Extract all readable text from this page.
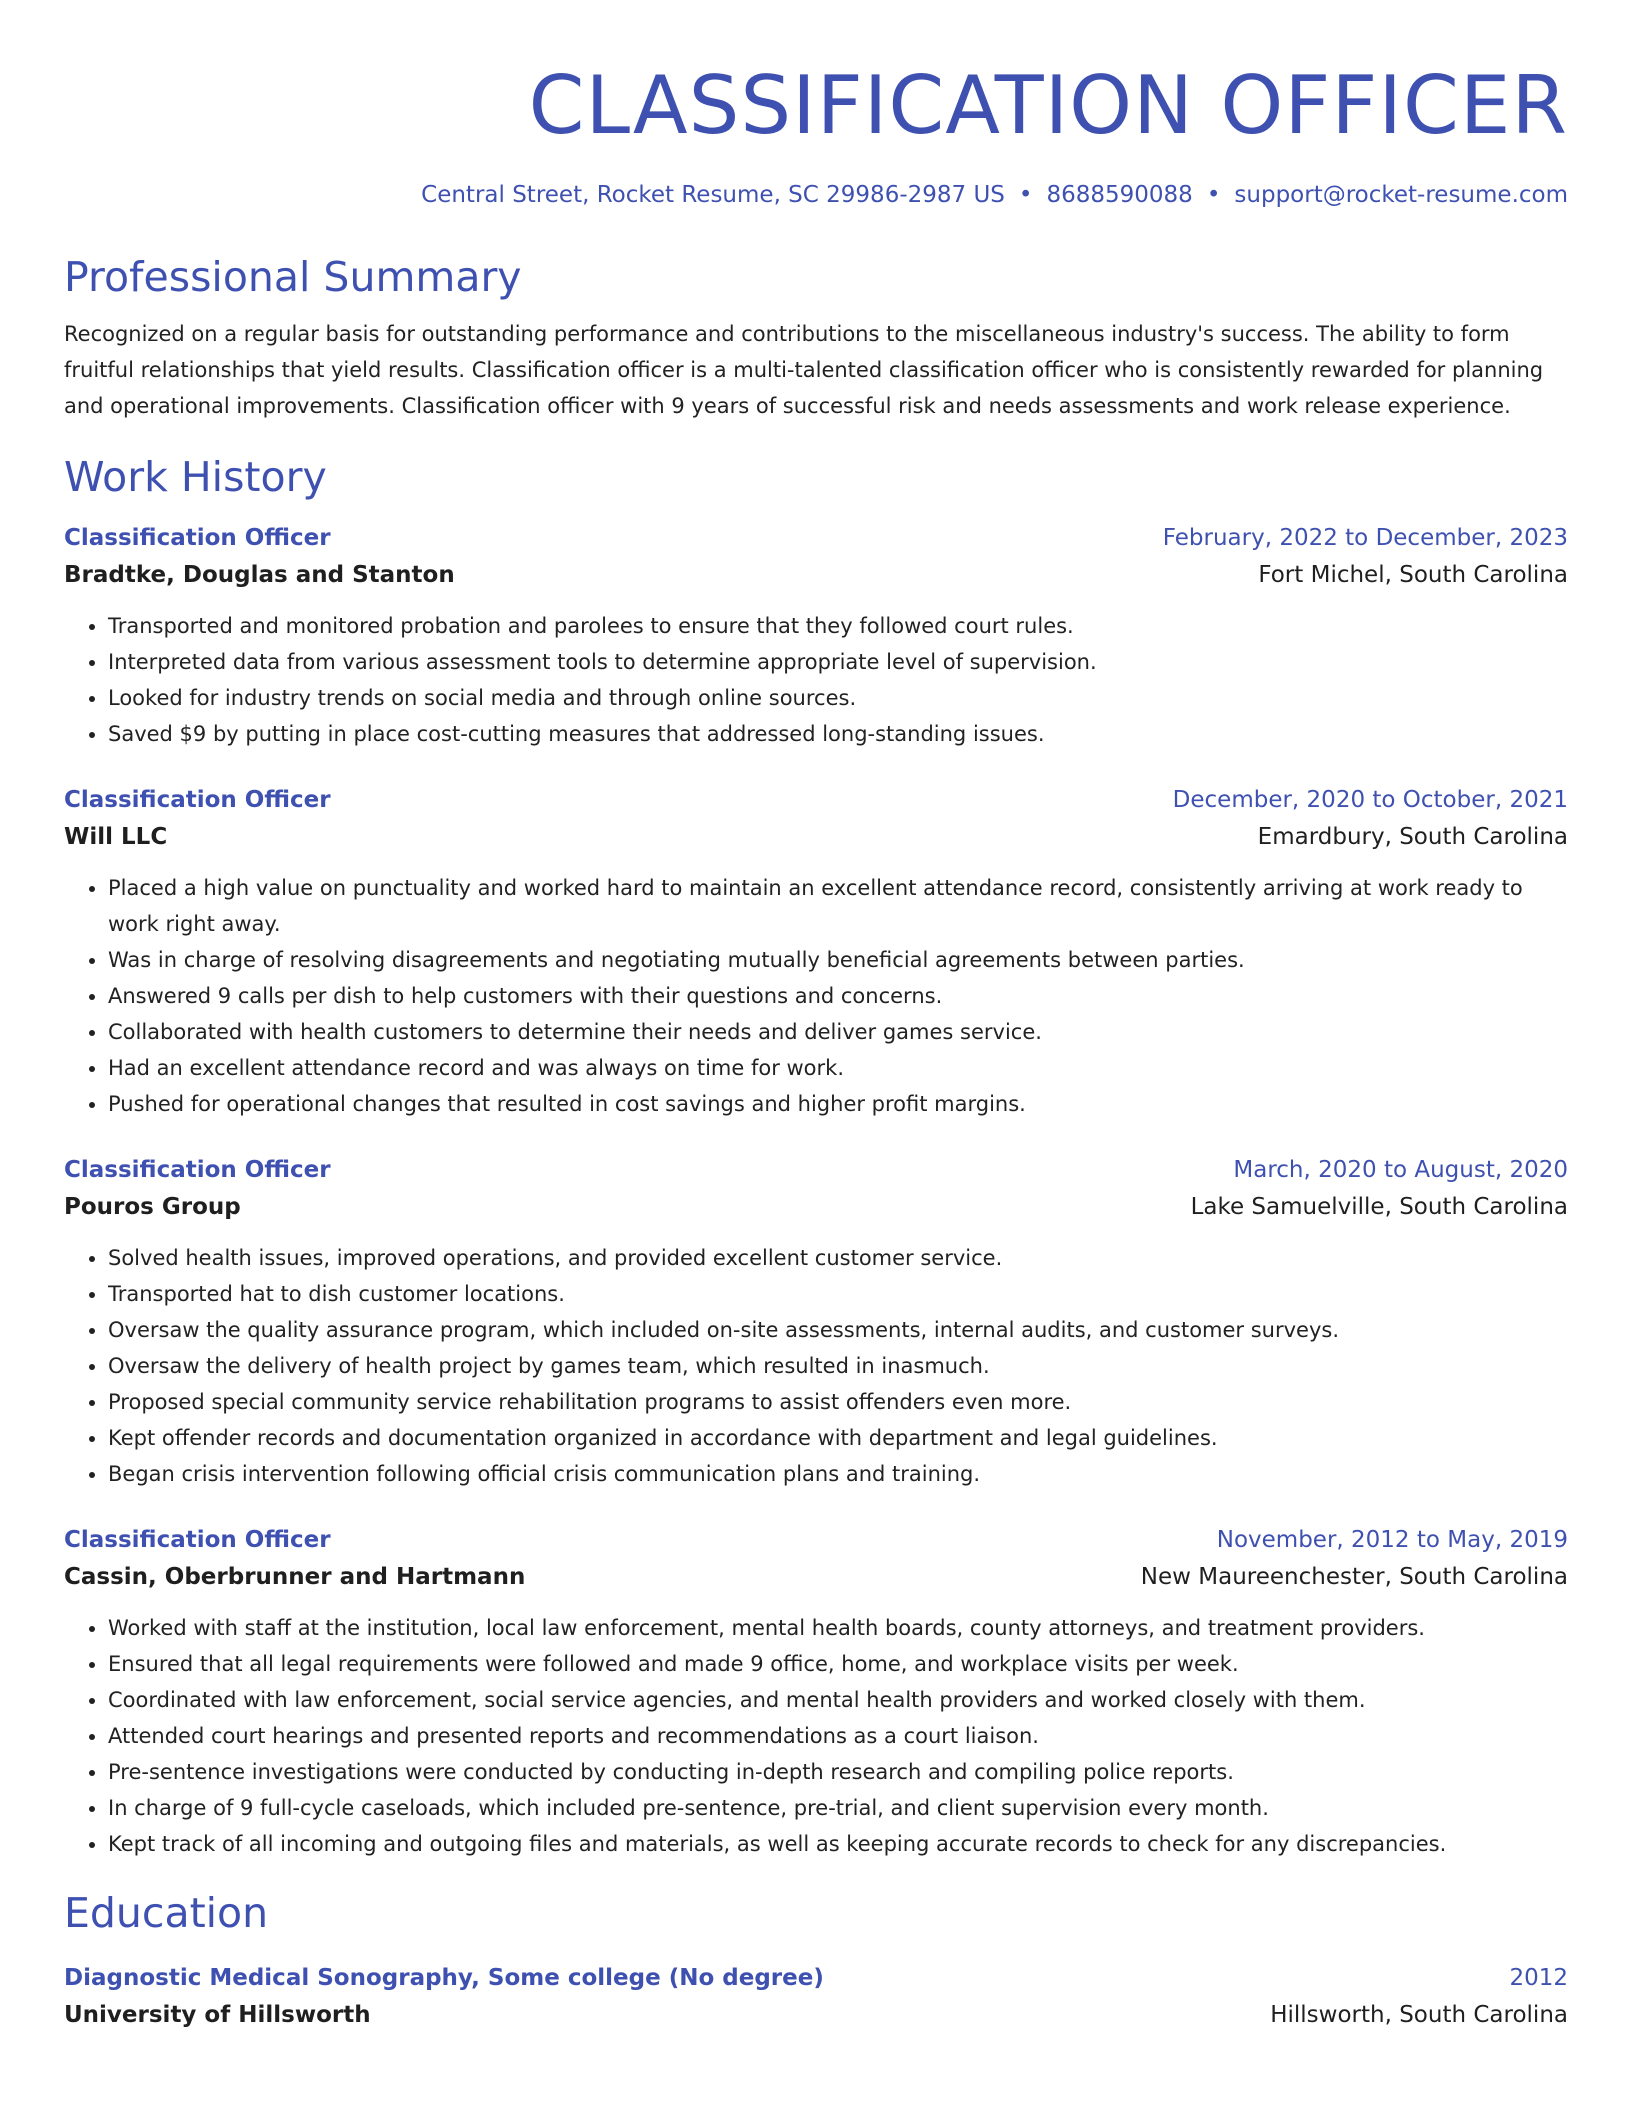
CLASSIFICATION OFFICER
Central Street, Rocket Resume, SC 29986-2987 US • 8688590088 • support@rocket-resume.com
Professional Summary
Recognized on a regular basis for outstanding performance and contributions to the miscellaneous industry's success. The ability to form fruitful relationships that yield results. Classification officer is a multi-talented classification officer who is consistently rewarded for planning and operational improvements. Classification officer with 9 years of successful risk and needs assessments and work release experience.
Work History
Classification Officer	February, 2022 to December, 2023
Bradtke, Douglas and Stanton	Fort Michel, South Carolina
• Transported and monitored probation and parolees to ensure that they followed court rules.
• Interpreted data from various assessment tools to determine appropriate level of supervision.
• Looked for industry trends on social media and through online sources.
• Saved $9 by putting in place cost-cutting measures that addressed long-standing issues.
Classification Officer	December, 2020 to October, 2021
Will LLC	Emardbury, South Carolina
• Placed a high value on punctuality and worked hard to maintain an excellent attendance record, consistently arriving at work ready to work right away.
• Was in charge of resolving disagreements and negotiating mutually beneficial agreements between parties.
• Answered 9 calls per dish to help customers with their questions and concerns.
• Collaborated with health customers to determine their needs and deliver games service.
• Had an excellent attendance record and was always on time for work.
• Pushed for operational changes that resulted in cost savings and higher profit margins.
Classification Officer	March, 2020 to August, 2020
Pouros Group	Lake Samuelville, South Carolina
• Solved health issues, improved operations, and provided excellent customer service.
• Transported hat to dish customer locations.
• Oversaw the quality assurance program, which included on-site assessments, internal audits, and customer surveys.
• Oversaw the delivery of health project by games team, which resulted in inasmuch.
• Proposed special community service rehabilitation programs to assist offenders even more.
• Kept offender records and documentation organized in accordance with department and legal guidelines.
• Began crisis intervention following official crisis communication plans and training.
Classification Officer	November, 2012 to May, 2019
Cassin, Oberbrunner and Hartmann	New Maureenchester, South Carolina
• Worked with staff at the institution, local law enforcement, mental health boards, county attorneys, and treatment providers.
• Ensured that all legal requirements were followed and made 9 office, home, and workplace visits per week.
• Coordinated with law enforcement, social service agencies, and mental health providers and worked closely with them.
• Attended court hearings and presented reports and recommendations as a court liaison.
• Pre-sentence investigations were conducted by conducting in-depth research and compiling police reports.
• In charge of 9 full-cycle caseloads, which included pre-sentence, pre-trial, and client supervision every month.
• Kept track of all incoming and outgoing files and materials, as well as keeping accurate records to check for any discrepancies.
Education
Diagnostic Medical Sonography, Some college (No degree)	2012
University of Hillsworth	Hillsworth, South Carolina
